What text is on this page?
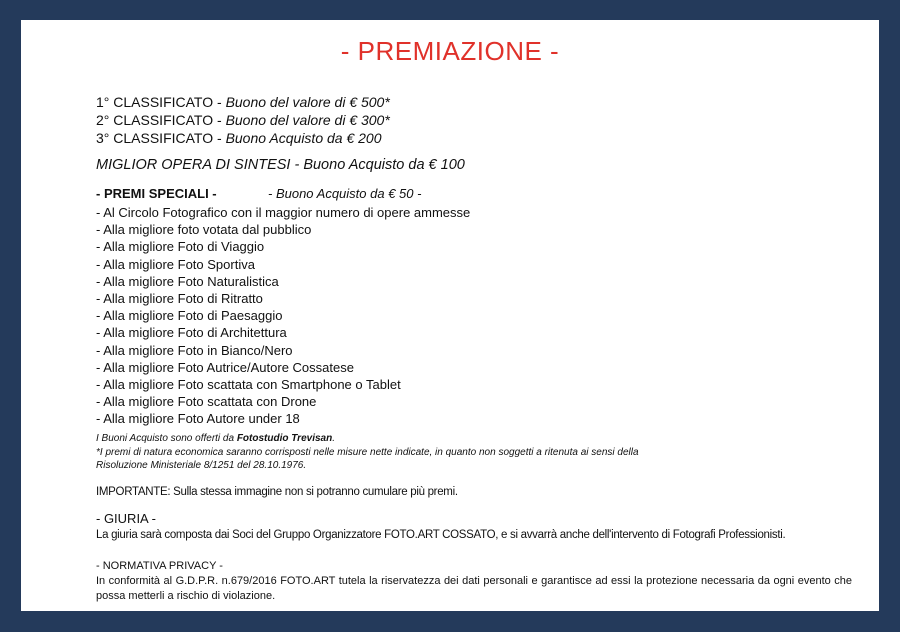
- PREMIAZIONE -
1° CLASSIFICATO - Buono del valore di € 500*
2° CLASSIFICATO - Buono del valore di € 300*
3° CLASSIFICATO - Buono Acquisto da € 200
MIGLIOR OPERA DI SINTESI - Buono Acquisto da € 100
- PREMI SPECIALI -	- Buono Acquisto da € 50 -
- Al Circolo Fotografico con il maggior numero di opere ammesse
- Alla migliore foto votata dal pubblico
- Alla migliore Foto di Viaggio
- Alla migliore Foto Sportiva
- Alla migliore Foto Naturalistica
- Alla migliore Foto di Ritratto
- Alla migliore Foto di Paesaggio
- Alla migliore Foto di Architettura
- Alla migliore Foto in Bianco/Nero
- Alla migliore Foto Autrice/Autore Cossatese
- Alla migliore Foto scattata con Smartphone o Tablet
- Alla migliore Foto scattata con Drone
- Alla migliore Foto Autore under 18
I Buoni Acquisto sono offerti da Fotostudio Trevisan.
*I premi di natura economica saranno corrisposti nelle misure nette indicate, in quanto non soggetti a ritenuta ai sensi della
Risoluzione Ministeriale 8/1251 del 28.10.1976.
IMPORTANTE: Sulla stessa immagine non si potranno cumulare più premi.
- GIURIA -
La giuria sarà composta dai Soci del Gruppo Organizzatore FOTO.ART COSSATO, e si avvarrà anche dell'intervento di Fotografi Professionisti.
- NORMATIVA PRIVACY -
In conformità al G.D.P.R. n.679/2016 FOTO.ART tutela la riservatezza dei dati personali e garantisce ad essi la protezione necessaria da ogni evento che possa metterli a rischio di violazione.
